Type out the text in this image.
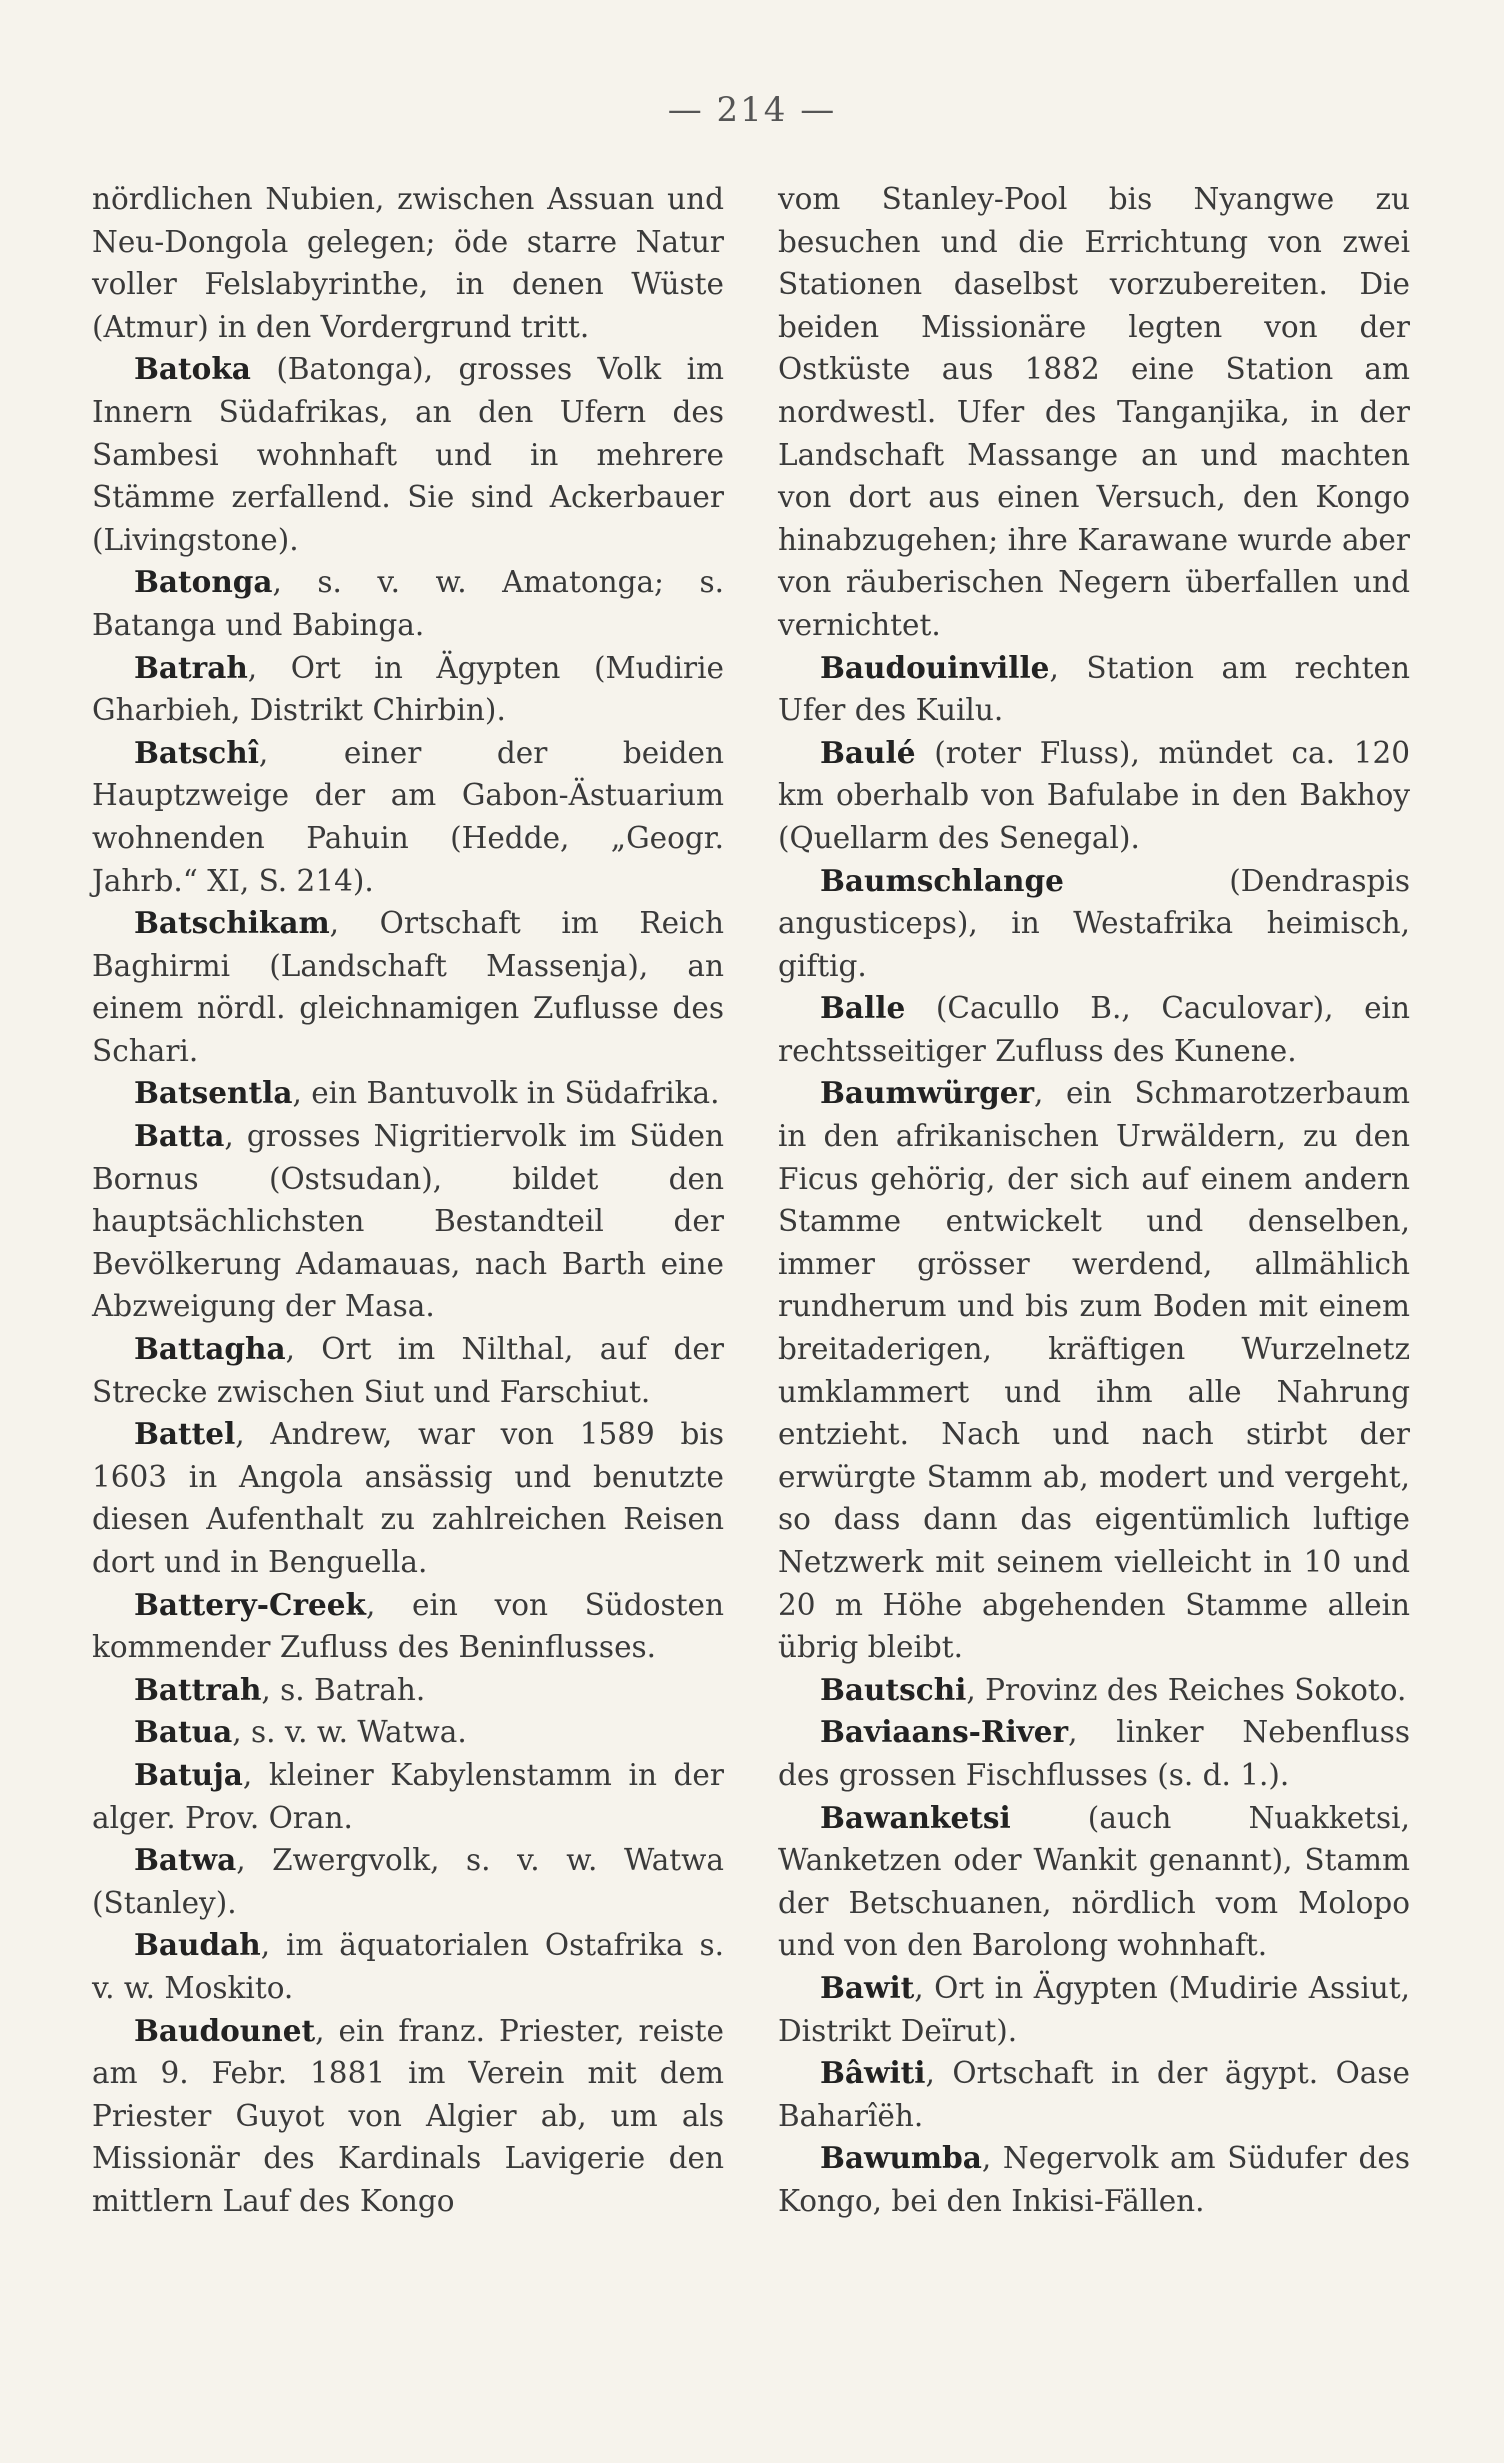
— 214 —

nördlichen Nubien, zwischen Assuan und Neu-Dongola gelegen; öde starre Natur voller Felslabyrinthe, in denen Wüste (Atmur) in den Vordergrund tritt.

Batoka (Batonga), grosses Volk im Innern Südafrikas, an den Ufern des Sambesi wohnhaft und in mehrere Stämme zerfallend. Sie sind Ackerbauer (Livingstone).

Batonga, s. v. w. Amatonga; s. Batanga und Babinga.

Batrah, Ort in Ägypten (Mudirie Gharbieh, Distrikt Chirbin).

Batschî, einer der beiden Hauptzweige der am Gabon-Ästuarium wohnenden Pahuin (Hedde, „Geogr. Jahrb.“ XI, S. 214).

Batschikam, Ortschaft im Reich Baghirmi (Landschaft Massenja), an einem nördl. gleichnamigen Zuflusse des Schari.

Batsentla, ein Bantuvolk in Südafrika.

Batta, grosses Nigritiervolk im Süden Bornus (Ostsudan), bildet den hauptsächlichsten Bestandteil der Bevölkerung Adamauas, nach Barth eine Abzweigung der Masa.

Battagha, Ort im Nilthal, auf der Strecke zwischen Siut und Farschiut.

Battel, Andrew, war von 1589 bis 1603 in Angola ansässig und benutzte diesen Aufenthalt zu zahlreichen Reisen dort und in Benguella.

Battery-Creek, ein von Südosten kommender Zufluss des Beninflusses.

Battrah, s. Batrah.

Batua, s. v. w. Watwa.

Batuja, kleiner Kabylenstamm in der alger. Prov. Oran.

Batwa, Zwergvolk, s. v. w. Watwa (Stanley).

Baudah, im äquatorialen Ostafrika s. v. w. Moskito.

Baudounet, ein franz. Priester, reiste am 9. Febr. 1881 im Verein mit dem Priester Guyot von Algier ab, um als Missionär des Kardinals Lavigerie den mittlern Lauf des Kongo

vom Stanley-Pool bis Nyangwe zu besuchen und die Errichtung von zwei Stationen daselbst vorzubereiten. Die beiden Missionäre legten von der Ostküste aus 1882 eine Station am nordwestl. Ufer des Tanganjika, in der Landschaft Massange an und machten von dort aus einen Versuch, den Kongo hinabzugehen; ihre Karawane wurde aber von räuberischen Negern überfallen und vernichtet.

Baudouinville, Station am rechten Ufer des Kuilu.

Baulé (roter Fluss), mündet ca. 120 km oberhalb von Bafulabe in den Bakhoy (Quellarm des Senegal).

Baumschlange (Dendraspis angusticeps), in Westafrika heimisch, giftig.

Balle (Cacullo B., Caculovar), ein rechtsseitiger Zufluss des Kunene.

Baumwürger, ein Schmarotzerbaum in den afrikanischen Urwäldern, zu den Ficus gehörig, der sich auf einem andern Stamme entwickelt und denselben, immer grösser werdend, allmählich rundherum und bis zum Boden mit einem breitaderigen, kräftigen Wurzelnetz umklammert und ihm alle Nahrung entzieht. Nach und nach stirbt der erwürgte Stamm ab, modert und vergeht, so dass dann das eigentümlich luftige Netzwerk mit seinem vielleicht in 10 und 20 m Höhe abgehenden Stamme allein übrig bleibt.

Bautschi, Provinz des Reiches Sokoto.

Baviaans-River, linker Nebenfluss des grossen Fischflusses (s. d. 1.).

Bawanketsi (auch Nuakketsi, Wanketzen oder Wankit genannt), Stamm der Betschuanen, nördlich vom Molopo und von den Barolong wohnhaft.

Bawit, Ort in Ägypten (Mudirie Assiut, Distrikt Deïrut).

Bâwiti, Ortschaft in der ägypt. Oase Baharîëh.

Bawumba, Negervolk am Südufer des Kongo, bei den Inkisi-Fällen.
